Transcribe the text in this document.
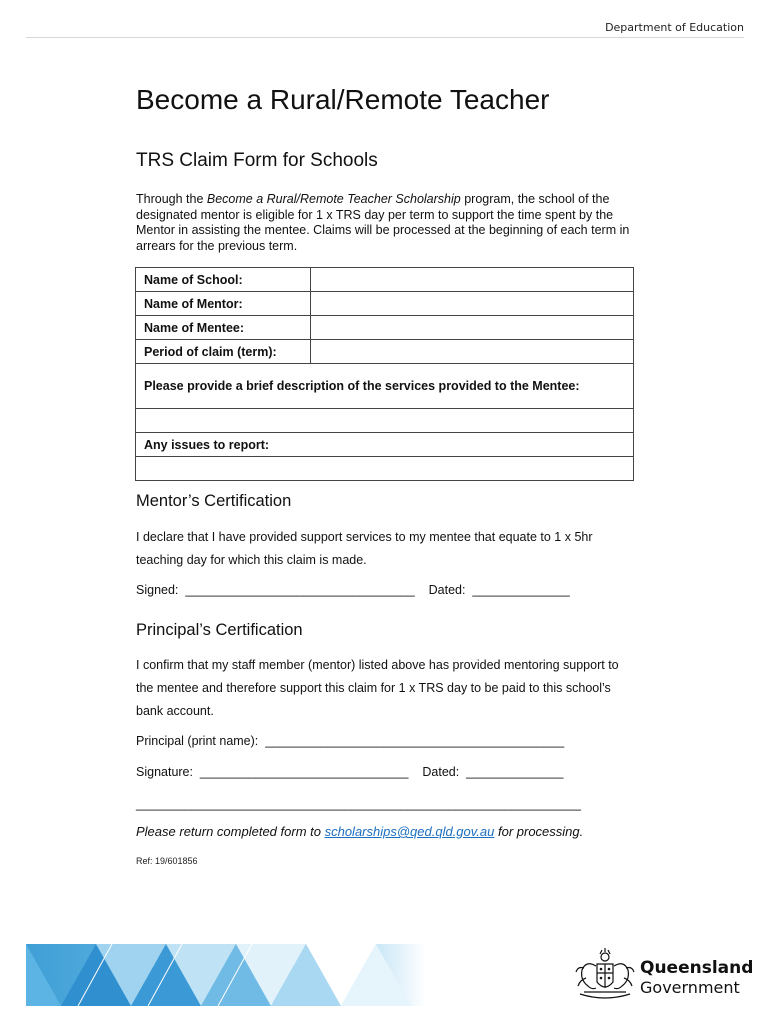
Department of Education
Become a Rural/Remote Teacher
TRS Claim Form for Schools

Through the Become a Rural/Remote Teacher Scholarship program, the school of the designated mentor is eligible for 1 x TRS day per term to support the time spent by the Mentor in assisting the mentee. Claims will be processed at the beginning of each term in arrears for the previous term.

Name of School:	
Name of Mentor:	
Name of Mentee:	
Period of claim (term):	
Please provide a brief description of the services provided to the Mentee:	

Any issues to report:	

Mentor’s Certification

I declare that I have provided support services to my mentee that equate to 1 x 5hr teaching day for which this claim is made.

Signed:  _________________________________    Dated:  ______________
Principal’s Certification

I confirm that my staff member (mentor) listed above has provided mentoring support to the mentee and therefore support this claim for 1 x TRS day to be paid to this school’s bank account.

Principal (print name):  ___________________________________________
Signature:  ______________________________    Dated:  ______________
________________________________________________________________
Please return completed form to scholarships@qed.qld.gov.au for processing.
Ref: 19/601856
Queensland
Government
